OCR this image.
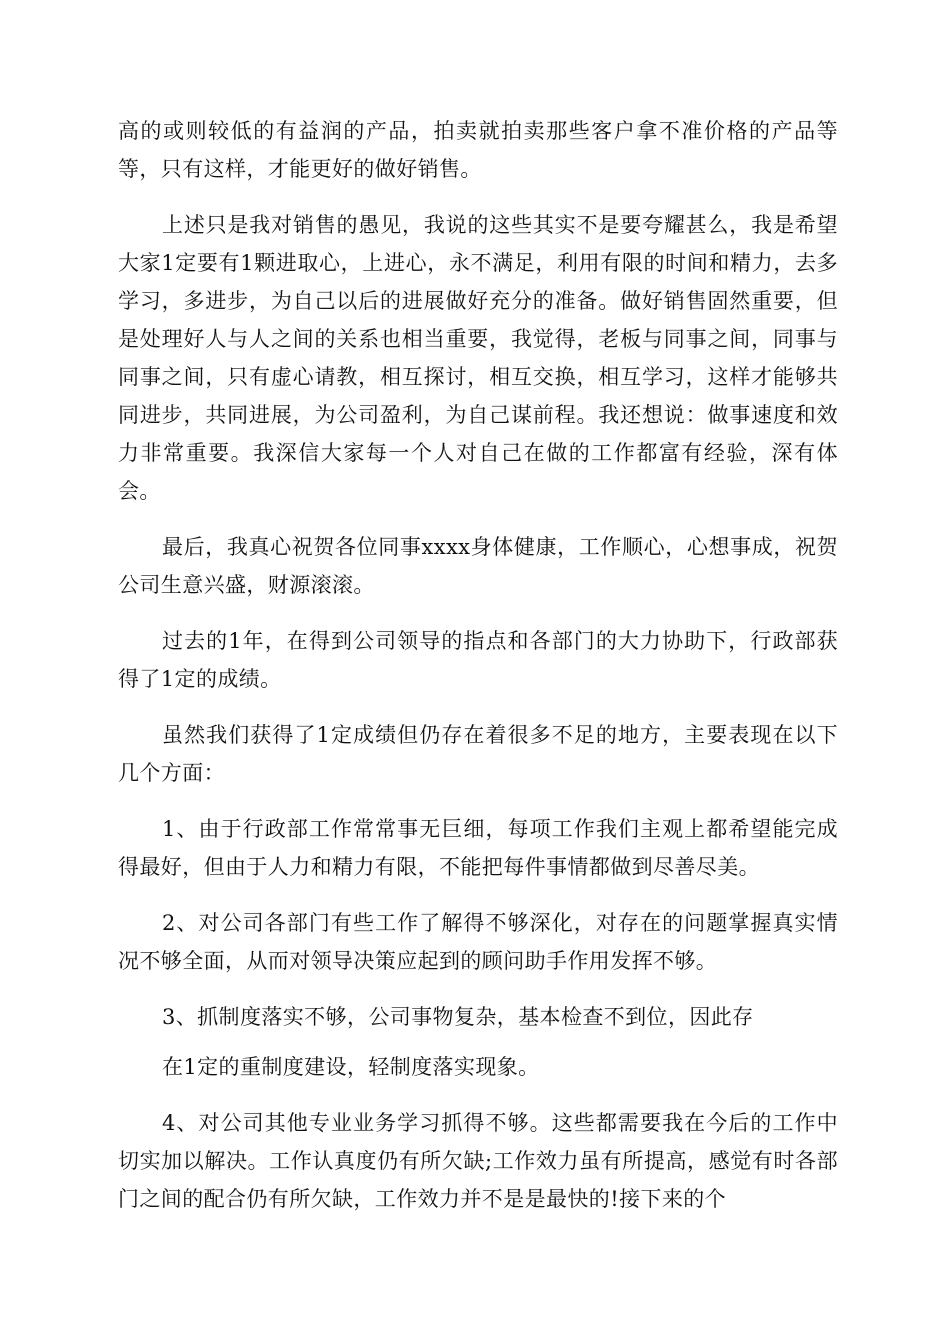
高的或则较低的有益润的产品，拍卖就拍卖那些客户拿不准价格的产品等等，只有这样，才能更好的做好销售。

上述只是我对销售的愚见，我说的这些其实不是要夸耀甚么，我是希望大家1定要有1颗进取心，上进心，永不满足，利用有限的时间和精力，去多学习，多进步，为自己以后的进展做好充分的准备。做好销售固然重要，但是处理好人与人之间的关系也相当重要，我觉得，老板与同事之间，同事与同事之间，只有虚心请教，相互探讨，相互交换，相互学习，这样才能够共同进步，共同进展，为公司盈利，为自己谋前程。我还想说：做事速度和效力非常重要。我深信大家每一个人对自己在做的工作都富有经验，深有体会。

最后，我真心祝贺各位同事xxxx身体健康，工作顺心，心想事成，祝贺公司生意兴盛，财源滚滚。

过去的1年，在得到公司领导的指点和各部门的大力协助下，行政部获得了1定的成绩。

虽然我们获得了1定成绩但仍存在着很多不足的地方，主要表现在以下几个方面：

1、由于行政部工作常常事无巨细，每项工作我们主观上都希望能完成得最好，但由于人力和精力有限，不能把每件事情都做到尽善尽美。

2、对公司各部门有些工作了解得不够深化，对存在的问题掌握真实情况不够全面，从而对领导决策应起到的顾问助手作用发挥不够。

3、抓制度落实不够，公司事物复杂，基本检查不到位，因此存

在1定的重制度建设，轻制度落实现象。

4、对公司其他专业业务学习抓得不够。这些都需要我在今后的工作中切实加以解决。工作认真度仍有所欠缺;工作效力虽有所提高，感觉有时各部门之间的配合仍有所欠缺，工作效力并不是是最快的!接下来的个
